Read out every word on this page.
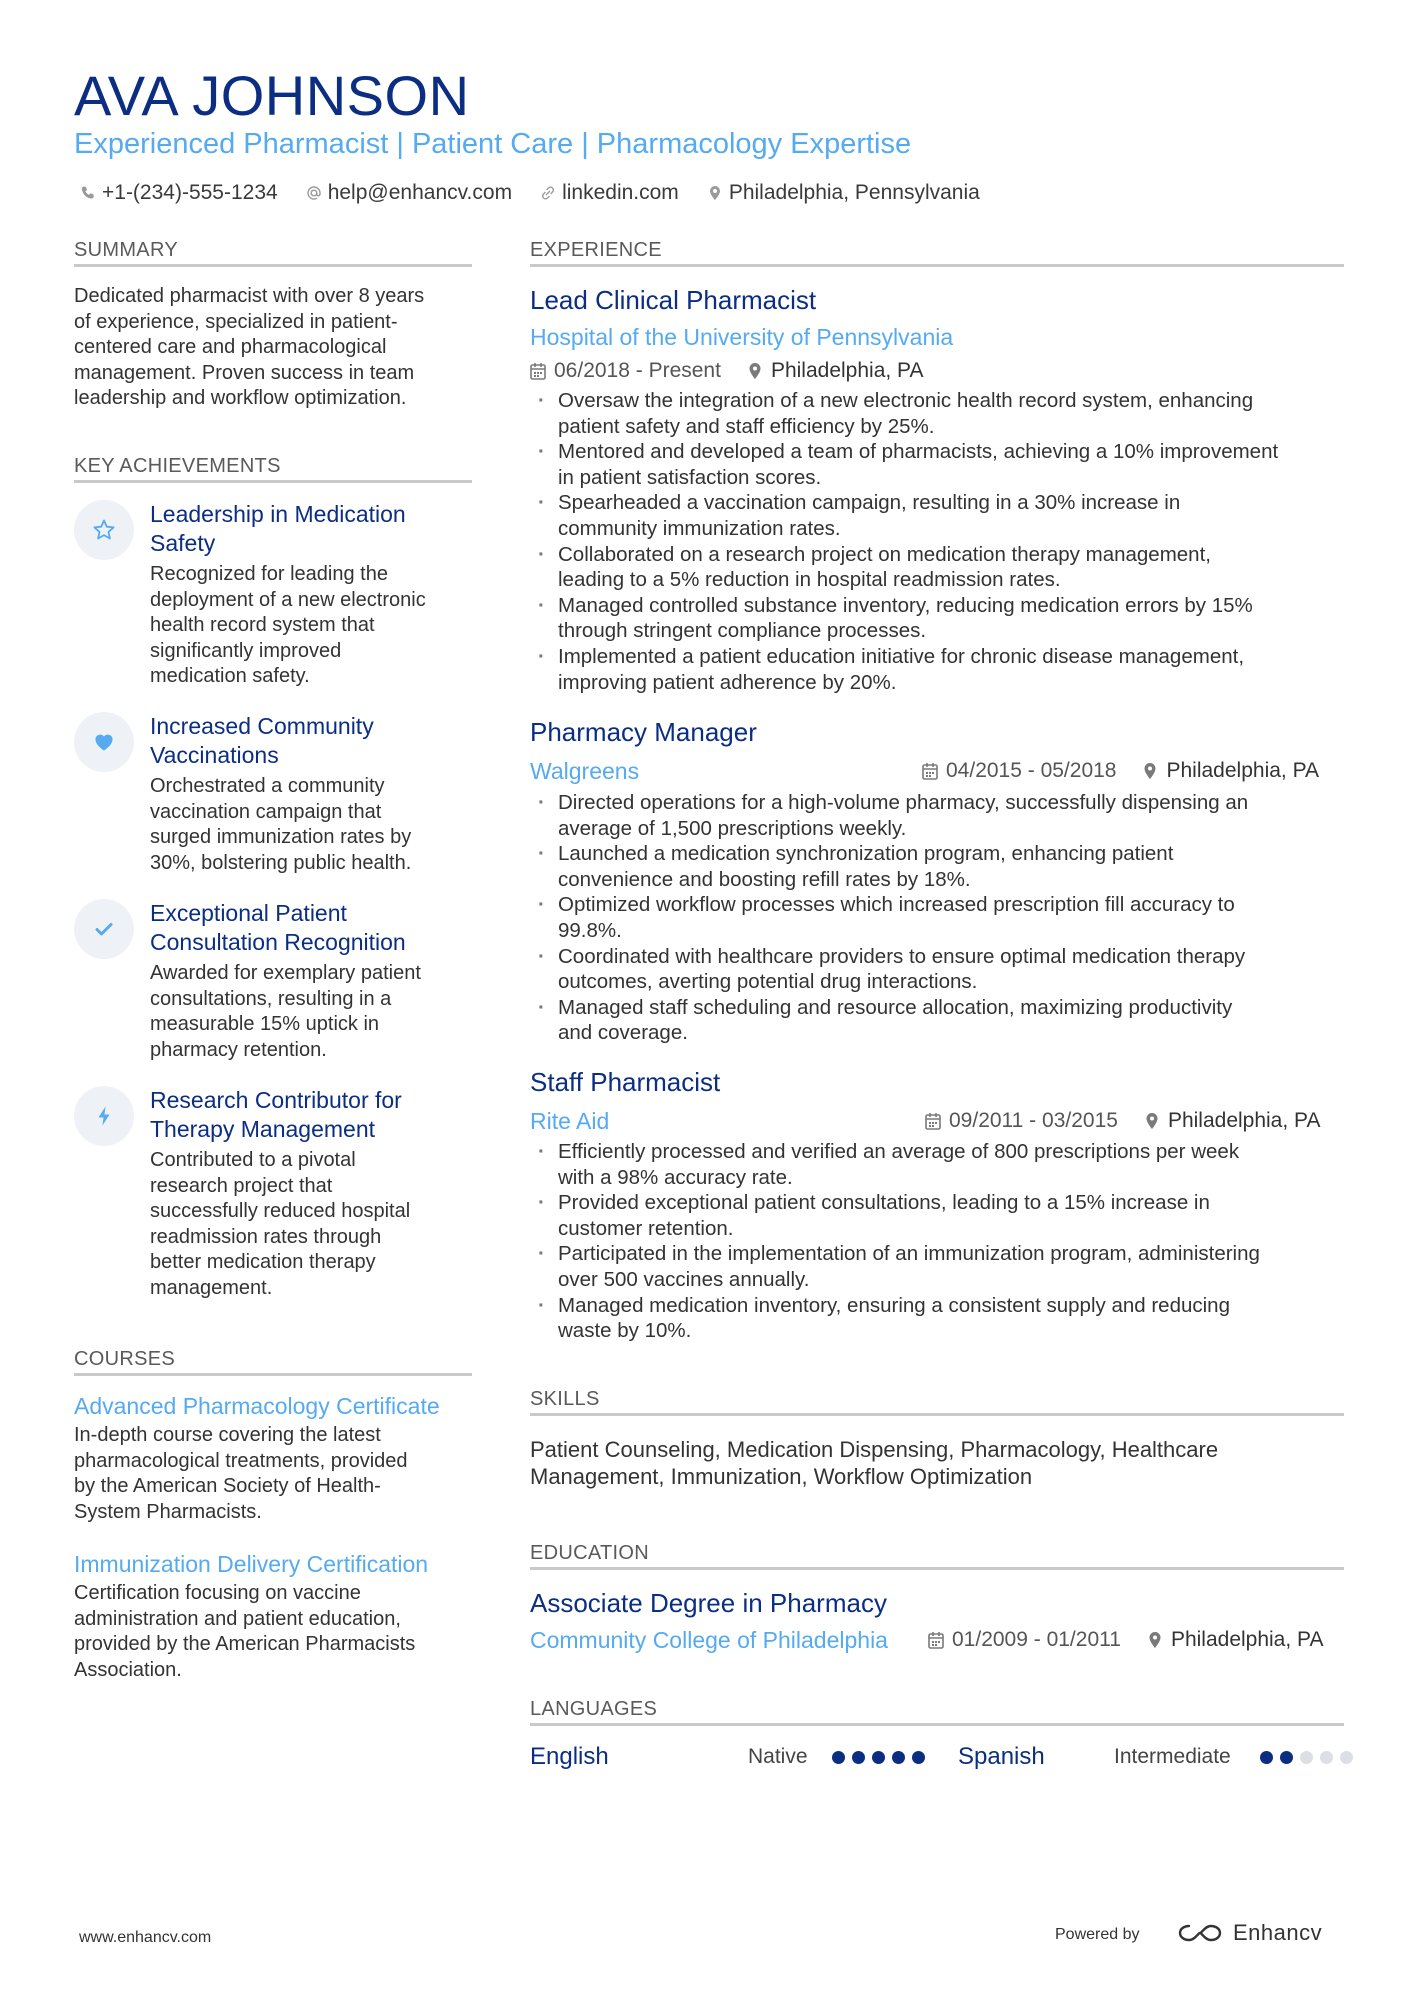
AVA JOHNSON
Experienced Pharmacist | Patient Care | Pharmacology Expertise
+1-(234)-555-1234 help@enhancv.com linkedin.com Philadelphia, Pennsylvania
SUMMARY
Dedicated pharmacist with over 8 years
of experience, specialized in patient-
centered care and pharmacological
management. Proven success in team
leadership and workflow optimization.
KEY ACHIEVEMENTS
Leadership in Medication
Safety
Recognized for leading the
deployment of a new electronic
health record system that
significantly improved
medication safety.
Increased Community
Vaccinations
Orchestrated a community
vaccination campaign that
surged immunization rates by
30%, bolstering public health.
Exceptional Patient
Consultation Recognition
Awarded for exemplary patient
consultations, resulting in a
measurable 15% uptick in
pharmacy retention.
Research Contributor for
Therapy Management
Contributed to a pivotal
research project that
successfully reduced hospital
readmission rates through
better medication therapy
management.
COURSES
Advanced Pharmacology Certificate
In-depth course covering the latest
pharmacological treatments, provided
by the American Society of Health-
System Pharmacists.
Immunization Delivery Certification
Certification focusing on vaccine
administration and patient education,
provided by the American Pharmacists
Association.
EXPERIENCE
Lead Clinical Pharmacist
Hospital of the University of Pennsylvania
06/2018 - Present Philadelphia, PA
· Oversaw the integration of a new electronic health record system, enhancing
patient safety and staff efficiency by 25%.
· Mentored and developed a team of pharmacists, achieving a 10% improvement
in patient satisfaction scores.
· Spearheaded a vaccination campaign, resulting in a 30% increase in
community immunization rates.
· Collaborated on a research project on medication therapy management,
leading to a 5% reduction in hospital readmission rates.
· Managed controlled substance inventory, reducing medication errors by 15%
through stringent compliance processes.
· Implemented a patient education initiative for chronic disease management,
improving patient adherence by 20%.
Pharmacy Manager
Walgreens	04/2015 - 05/2018 Philadelphia, PA
· Directed operations for a high-volume pharmacy, successfully dispensing an
average of 1,500 prescriptions weekly.
· Launched a medication synchronization program, enhancing patient
convenience and boosting refill rates by 18%.
· Optimized workflow processes which increased prescription fill accuracy to
99.8%.
· Coordinated with healthcare providers to ensure optimal medication therapy
outcomes, averting potential drug interactions.
· Managed staff scheduling and resource allocation, maximizing productivity
and coverage.
Staff Pharmacist
Rite Aid	09/2011 - 03/2015 Philadelphia, PA
· Efficiently processed and verified an average of 800 prescriptions per week
with a 98% accuracy rate.
· Provided exceptional patient consultations, leading to a 15% increase in
customer retention.
· Participated in the implementation of an immunization program, administering
over 500 vaccines annually.
· Managed medication inventory, ensuring a consistent supply and reducing
waste by 10%.
SKILLS
Patient Counseling, Medication Dispensing, Pharmacology, Healthcare
Management, Immunization, Workflow Optimization
EDUCATION
Associate Degree in Pharmacy
Community College of Philadelphia	01/2009 - 01/2011 Philadelphia, PA
LANGUAGES
English	Native	Spanish	Intermediate
www.enhancv.com	Powered by	Enhancv
